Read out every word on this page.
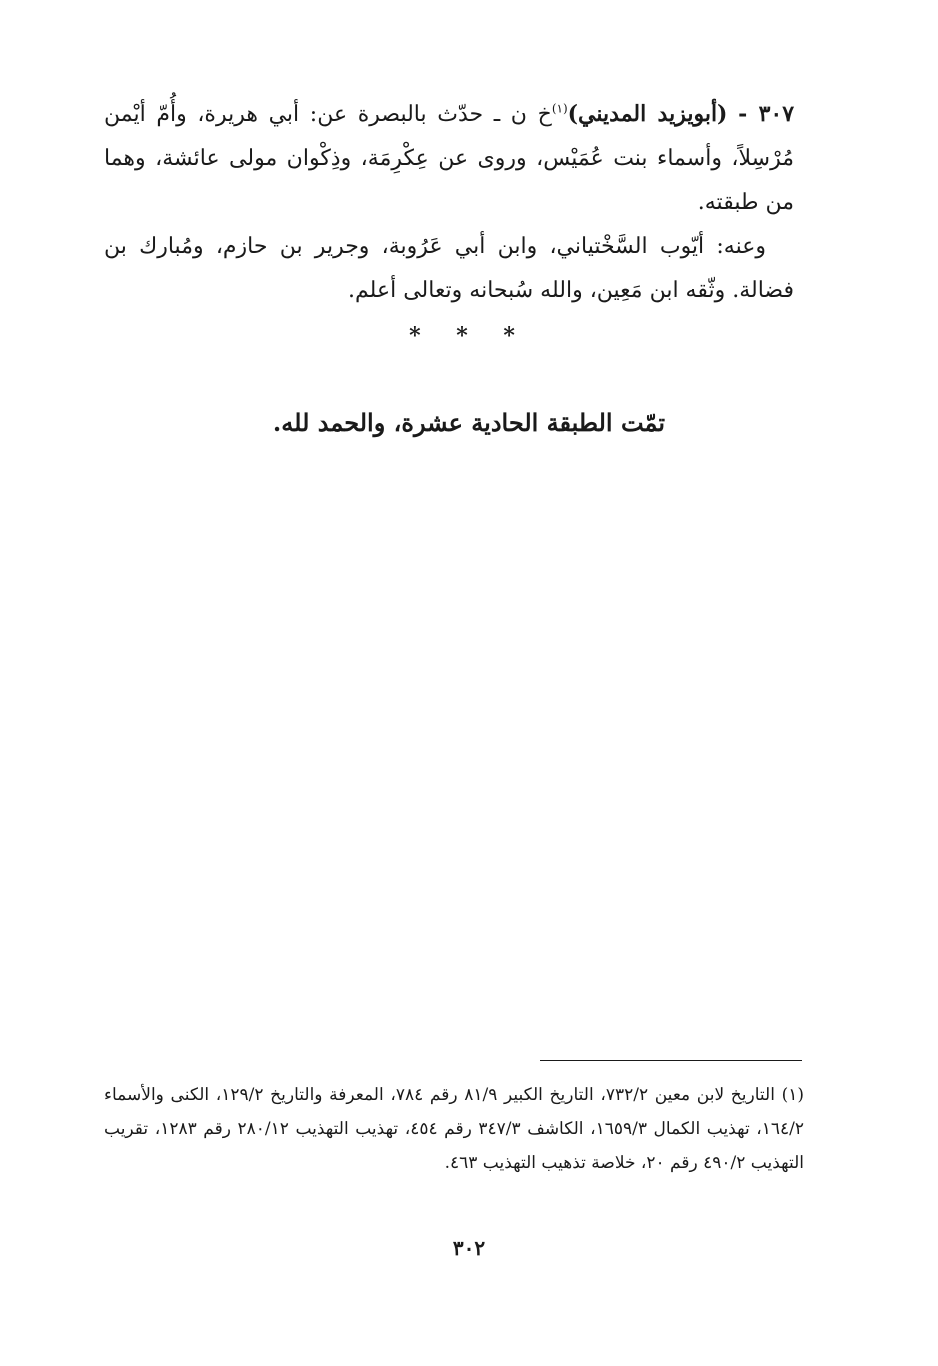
٣٠٧ - (أبويزيد المديني)$^{(١)}$خ ن ـ حدّث بالبصرة عن: أبي هريرة، وأُمّ أيْمن مُرْسِلاً، وأسماء بنت عُمَيْس، وروى عن عِكْرِمَة، وذِكْوان مولى عائشة، وهما من طبقته.

وعنه: أيّوب السَّخْتياني، وابن أبي عَرُوبة، وجرير بن حازم، ومُبارك بن فضالة. وثّقه ابن مَعِين، والله سُبحانه وتعالى أعلم.

* * *
تمّت الطبقة الحادية عشرة، والحمد لله.

(١) التاريخ لابن معين ٧٣٢/٢، التاريخ الكبير ٨١/٩ رقم ٧٨٤، المعرفة والتاريخ ١٢٩/٢، الكنى والأسماء ١٦٤/٢، تهذيب الكمال ١٦٥٩/٣، الكاشف ٣٤٧/٣ رقم ٤٥٤، تهذيب التهذيب ٢٨٠/١٢ رقم ١٢٨٣، تقريب التهذيب ٤٩٠/٢ رقم ٢٠، خلاصة تذهيب التهذيب ٤٦٣.

٣٠٢
